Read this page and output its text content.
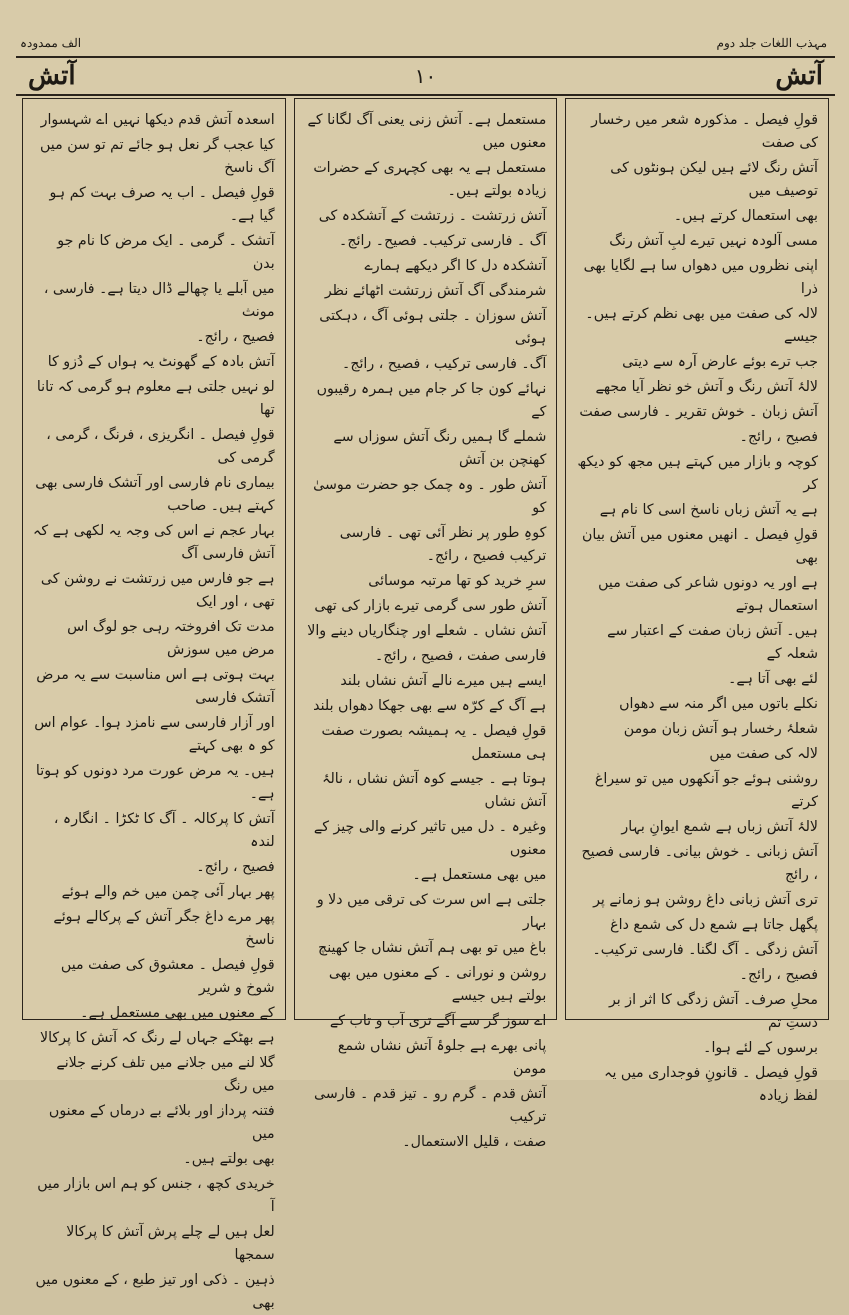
مہذب اللغات جلد دوم
الف ممدودہ
آتش
۱۰
آتش

قولِ فیصل ۔ مذکورہ شعر میں رخسار کی صفت

آتش رنگ لائے ہیں لیکن ہونٹوں کی توصیف میں

بھی استعمال کرتے ہیں۔

مسی آلودہ نہیں تیرے لبِ آتش رنگ

اپنی نظروں میں دھواں سا ہے لگایا بھی ذرا

لالہ کی صفت میں بھی نظم کرتے ہیں۔ جیسے

جب ترے بوئے عارض آرہ سے دیتی

لالۂ آتش رنگ و آتش خو نظر آیا مجھے

آتش زبان ۔ خوش تقریر ۔ فارسی صفت

فصیح ، رائج۔

کوچہ و بازار میں کہتے ہیں مجھ کو دیکھ کر

ہے یہ آتش زباں ناسخ اسی کا نام ہے

قولِ فیصل ۔ انھیں معنوں میں آتش بیان بھی

ہے اور یہ دونوں شاعر کی صفت میں استعمال ہوتے

ہیں۔ آتش زبان صفت کے اعتبار سے شعلہ کے

لئے بھی آتا ہے۔

نکلے باتوں میں اگر منہ سے دھواں

شعلۂ رخسار ہو آتش زبان مومن

لالہ کی صفت میں

روشنی ہوئے جو آنکھوں میں تو سیراغ کرتے

لالۂ آتش زباں ہے شمع ایوانِ بہار

آتش زبانی ۔ خوش بیانی۔ فارسی فصیح ، رائج

تری آتش زبانی داغ روشن ہو زمانے پر

پگھل جاتا ہے شمع دل کی شمع داغ

آتش زدگی ۔ آگ لگنا۔ فارسی ترکیب۔

فصیح ، رائج۔

محلِ صرف۔ آتش زدگی کا اثر از بر دستِ تم

برسوں کے لئے ہوا۔

قولِ فیصل ۔ قانونِ فوجداری میں یہ لفظ زیادہ

مستعمل ہے۔ آتش زنی یعنی آگ لگانا کے معنوں میں

مستعمل ہے یہ بھی کچہری کے حضرات زیادہ بولتے ہیں۔

آتش زرتشت ۔ زرتشت کے آتشکدہ کی

آگ ۔ فارسی ترکیب۔ فصیح۔ رائج۔

آتشکدہ دل کا اگر دیکھے ہمارے

شرمندگی آگ آتش زرتشت اٹھائے نظر

آتش سوزان ۔ جلتی ہوئی آگ ، دہکتی ہوئی

آگ۔ فارسی ترکیب ، فصیح ، رائج۔

نہائے کون جا کر جام میں ہمرہ رقیبوں کے

شملے گا ہمیں رنگ آتش سوزاں سے کھنچن بن آتش

آتش طور ۔ وہ چمک جو حضرت موسیٰ کو

کوہِ طور پر نظر آئی تھی ۔ فارسی ترکیب فصیح ، رائج۔

سرِ خرید کو تھا مرتبہ موسائی

آتش طور سی گرمی تیرے بازار کی تھی

آتش نشاں ۔ شعلے اور چنگاریاں دینے والا

فارسی صفت ، فصیح ، رائج۔

ایسے ہیں میرے نالے آتش نشاں بلند

ہے آگ کے کرّہ سے بھی جھکا دھواں بلند

قولِ فیصل ۔ یہ ہمیشہ بصورت صفت ہی مستعمل

ہوتا ہے ۔ جیسے کوہ آتش نشاں ، نالۂ آتش نشاں

وغیرہ ۔ دل میں تاثیر کرنے والی چیز کے معنوں

میں بھی مستعمل ہے۔

جلتی ہے اس سرت کی ترقی میں دلا و بہار

باغ میں تو بھی ہم آتش نشاں جا کھینچ

روشن و نورانی ۔ کے معنوں میں بھی بولتے ہیں جیسے

اے سوز گر سے آگے تری آب و تاب کے

پانی بھرے ہے جلوۂ آتش نشاں شمع مومن

آتش قدم ۔ گرم رو ۔ تیز قدم ۔ فارسی ترکیب

صفت ، قلیل الاستعمال۔

اسعدہ آتش قدم دیکھا نہیں اے شہسوار

کیا عجب گر نعل ہو جائے تم تو سن میں آگ ناسخ

قولِ فیصل ۔ اب یہ صرف بہت کم ہو گیا ہے۔

آتشک ۔ گرمی ۔ ایک مرض کا نام جو بدن

میں آبلے یا چھالے ڈال دیتا ہے۔ فارسی ، مونث

فصیح ، رائج۔

آتش بادہ کے گھونٹ یہ ہواں کے دُزو کا

لو نہیں جلتی ہے معلوم ہو گرمی کہ تانا تھا

قولِ فیصل ۔ انگریزی ، فرنگ ، گرمی ، گرمی کی

بیماری نام فارسی اور آتشک فارسی بھی کہتے ہیں۔ صاحب

بہار عجم نے اس کی وجہ یہ لکھی ہے کہ آتش فارسی آگ

ہے جو فارس میں زرتشت نے روشن کی تھی ، اور ایک

مدت تک افروختہ رہی جو لوگ اس مرض میں سوزش

بہت ہوتی ہے اس مناسبت سے یہ مرض آتشک فارسی

اور آزار فارسی سے نامزد ہوا۔ عوام اس کو ہ بھی کہتے

ہیں۔ یہ مرض عورت مرد دونوں کو ہوتا ہے۔

آتش کا پرکالہ ۔ آگ کا ٹکڑا ۔ انگارہ ، لندہ

فصیح ، رائج۔

پھر بہار آئی چمن میں خم والے ہوئے

پھر مرے داغ جگر آتش کے پرکالے ہوئے ناسخ

قولِ فیصل ۔ معشوق کی صفت میں شوخ و شریر

کے معنوں میں بھی مستعمل ہے۔

ہے بھٹکے جہاں لے رنگ کہ آتش کا پرکالا

گلا لنے میں جلانے میں تلف کرنے جلانے میں رنگ

فتنہ پرداز اور بلائے بے درماں کے معنوں میں

بھی بولتے ہیں۔

خریدی کچھ ، جنس کو ہم اس بازار میں آ

لعل ہیں لے چلے پرش آتش کا پرکالا سمجھا

ذہین ۔ ذکی اور تیز طبع ، کے معنوں میں بھی
